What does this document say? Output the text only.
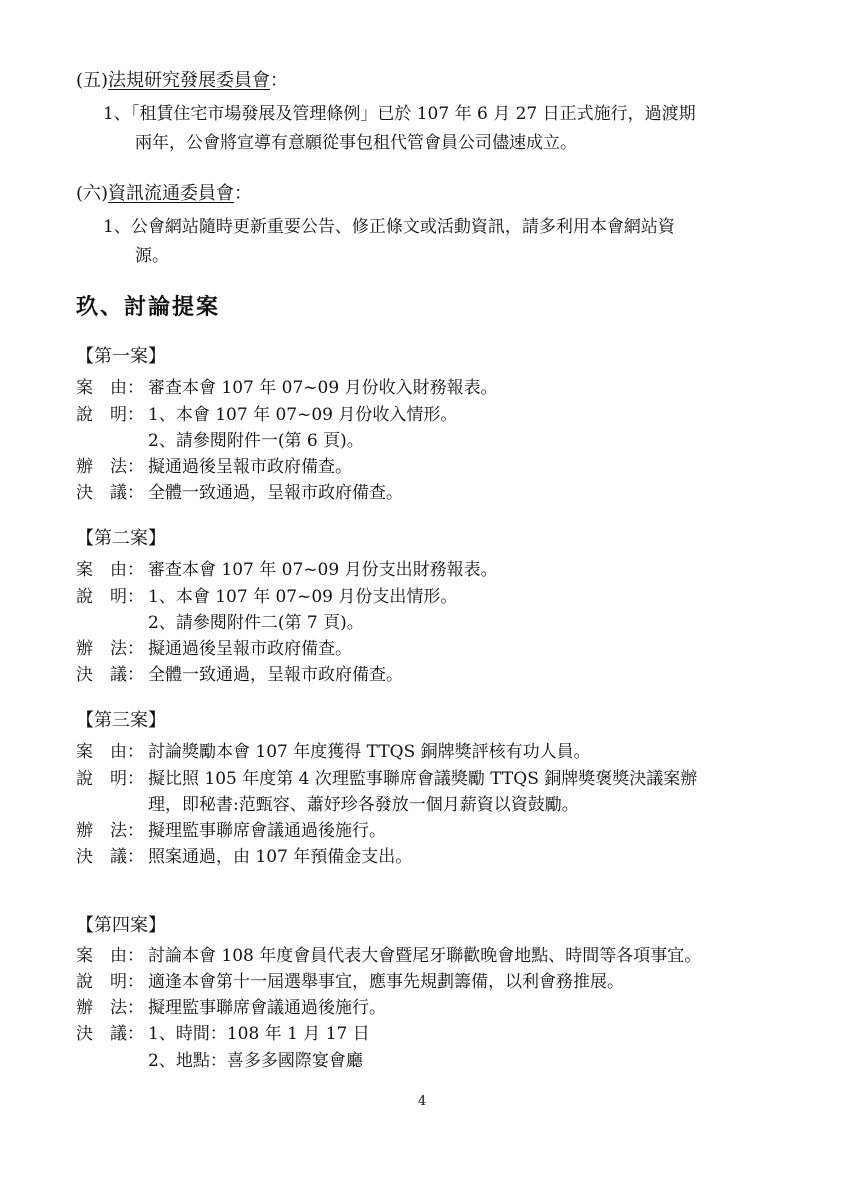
(五)法規研究發展委員會：
1、「租賃住宅市場發展及管理條例」已於 107 年 6 月 27 日正式施行，過渡期
兩年，公會將宣導有意願從事包租代管會員公司儘速成立。
(六)資訊流通委員會：
1、公會網站隨時更新重要公告、修正條文或活動資訊，請多利用本會網站資
源。
玖、討論提案
【第一案】
案　由： 審查本會 107 年 07~09 月份收入財務報表。
說　明： 1、本會 107 年 07~09 月份收入情形。
2、請參閱附件一(第 6 頁)。
辦　法： 擬通過後呈報市政府備查。
決　議： 全體一致通過，呈報市政府備查。
【第二案】
案　由： 審查本會 107 年 07~09 月份支出財務報表。
說　明： 1、本會 107 年 07~09 月份支出情形。
2、請參閱附件二(第 7 頁)。
辦　法： 擬通過後呈報市政府備查。
決　議： 全體一致通過，呈報市政府備查。
【第三案】
案　由： 討論獎勵本會 107 年度獲得 TTQS 銅牌獎評核有功人員。
說　明： 擬比照 105 年度第 4 次理監事聯席會議獎勵 TTQS 銅牌獎褒獎決議案辦
理，即秘書:范甄容、蕭妤珍各發放一個月薪資以資鼓勵。
辦　法： 擬理監事聯席會議通過後施行。
決　議： 照案通過，由 107 年預備金支出。
【第四案】
案　由： 討論本會 108 年度會員代表大會暨尾牙聯歡晚會地點、時間等各項事宜。
說　明： 適逢本會第十一屆選舉事宜，應事先規劃籌備，以利會務推展。
辦　法： 擬理監事聯席會議通過後施行。
決　議： 1、時間：108 年 1 月 17 日
2、地點：喜多多國際宴會廳
4
